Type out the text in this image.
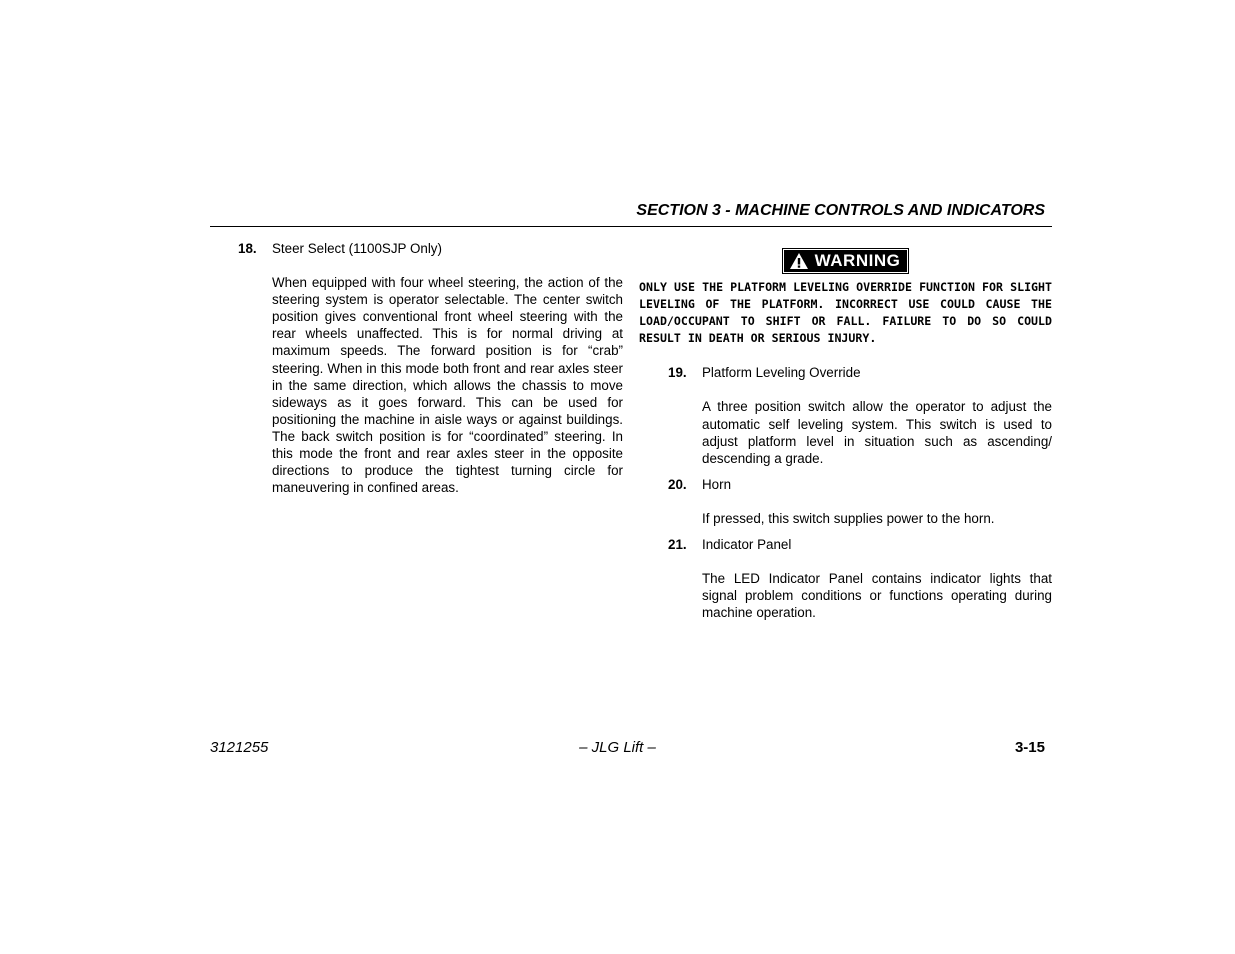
SECTION 3 - MACHINE CONTROLS AND INDICATORS
18.	Steer Select (1100SJP Only)

When equipped with four wheel steering, the action of the steering system is operator selectable. The center switch position gives conventional front wheel steering with the rear wheels unaffected. This is for normal driving at maximum speeds. The forward position is for “crab” steering. When in this mode both front and rear axles steer in the same direction, which allows the chassis to move sideways as it goes forward. This can be used for positioning the machine in aisle ways or against buildings. The back switch position is for “coordinated” steering. In this mode the front and rear axles steer in the opposite directions to produce the tightest turning circle for maneuvering in confined areas.

WARNING

ONLY USE THE PLATFORM LEVELING OVERRIDE FUNCTION FOR SLIGHT LEVELING OF THE PLATFORM. INCORRECT USE COULD CAUSE THE LOAD/OCCUPANT TO SHIFT OR FALL. FAILURE TO DO SO COULD RESULT IN DEATH OR SERIOUS INJURY.

19.	Platform Leveling Override

A three position switch allow the operator to adjust the automatic self leveling system. This switch is used to adjust platform level in situation such as ascending/ descending a grade.

20.	Horn

If pressed, this switch supplies power to the horn.

21.	Indicator Panel

The LED Indicator Panel contains indicator lights that signal problem conditions or functions operating during machine operation.

3121255	– JLG Lift –	3-15
